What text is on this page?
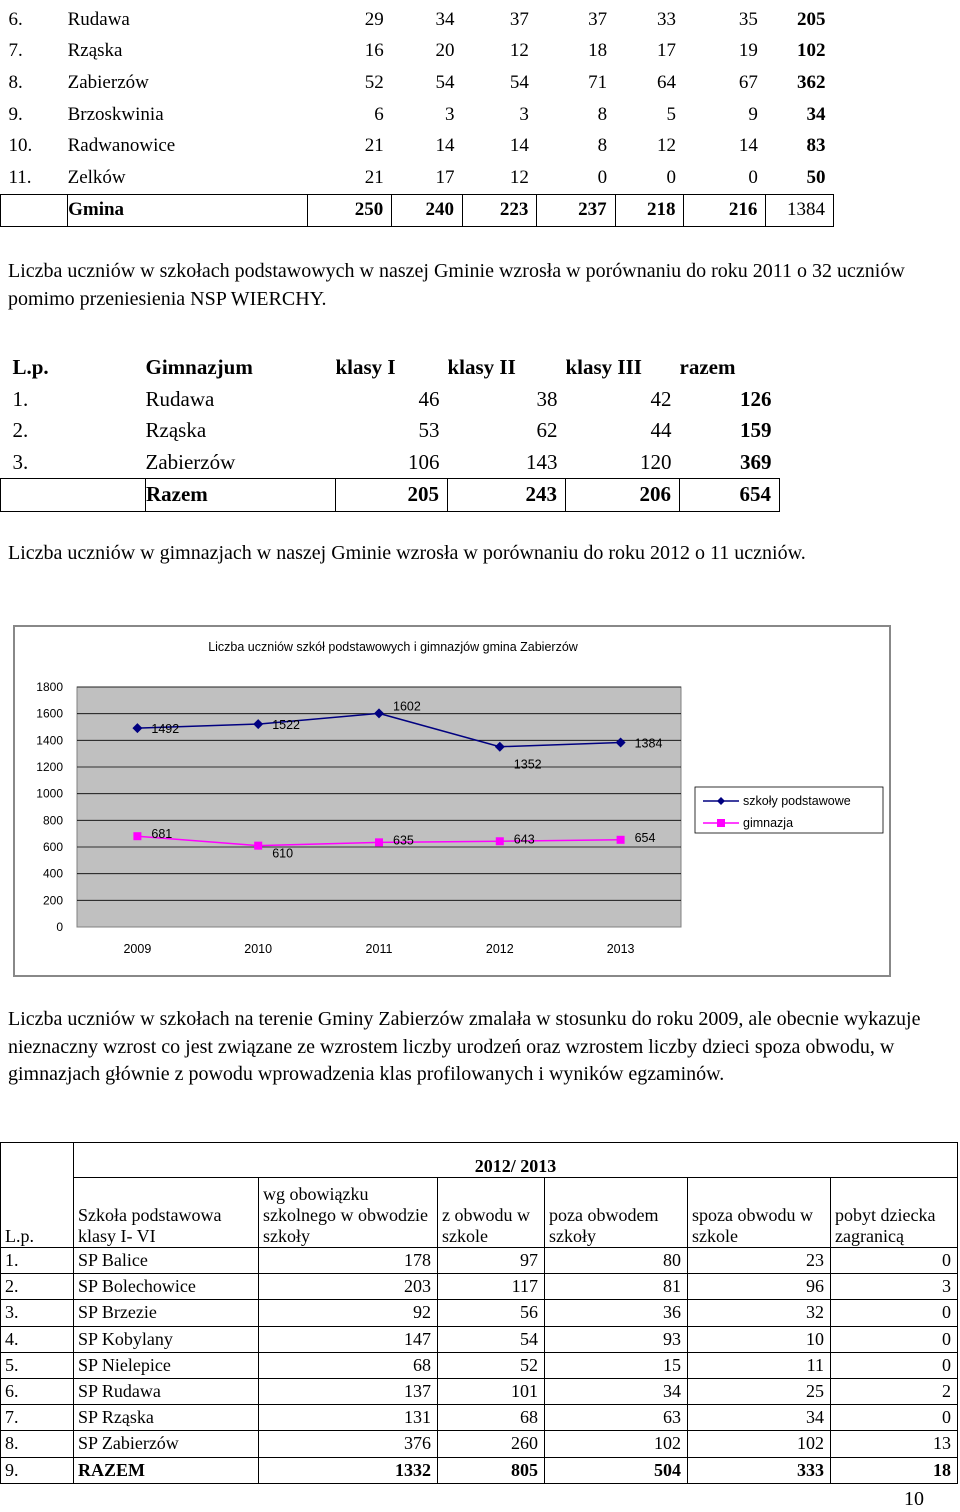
6.	Rudawa	29	34	37	37	33	35	205
7.	Rząska	16	20	12	18	17	19	102
8.	Zabierzów	52	54	54	71	64	67	362
9.	Brzoskwinia	6	3	3	8	5	9	34
10.	Radwanowice	21	14	14	8	12	14	83
11.	Zelków	21	17	12	0	0	0	50
	Gmina	250	240	223	237	218	216	1384
Liczba uczniów w szkołach podstawowych w naszej Gminie wzrosła w porównaniu do roku 2011 o 32 uczniów pomimo przeniesienia NSP WIERCHY.
L.p.	Gimnazjum	klasy I	klasy II	klasy III	razem
1.	Rudawa	46	38	42	126
2.	Rząska	53	62	44	159
3.	Zabierzów	106	143	120	369
	Razem	205	243	206	654
Liczba uczniów w gimnazjach w naszej Gminie wzrosła w porównaniu do roku 2012 o 11 uczniów.
Liczba uczniów szkół podstawowych i gimnazjów gmina Zabierzów
0
200
400
600
800
1000
1200
1400
1600
1800
2009	2010	2011	2012	2013
1492	1522
1602
1352
1384
681
610
635	643	654
szkoły podstawowe
gimnazja
Liczba uczniów w szkołach na terenie Gminy Zabierzów zmalała w stosunku do roku 2009, ale obecnie wykazuje nieznaczny wzrost co jest związane ze wzrostem liczby urodzeń oraz wzrostem liczby dzieci spoza obwodu, w gimnazjach głównie z powodu wprowadzenia klas profilowanych i wyników egzaminów.
L.p.	2012/ 2013					
	Szkoła podstawowa klasy I- VI	wg obowiązku szkolnego w obwodzie szkoły	z obwodu w szkole	poza obwodem szkoły	spoza obwodu w szkole	pobyt dziecka zagranicą
1.	SP Balice	178	97	80	23	0
2.	SP Bolechowice	203	117	81	96	3
3.	SP Brzezie	92	56	36	32	0
4.	SP Kobylany	147	54	93	10	0
5.	SP Nielepice	68	52	15	11	0
6.	SP Rudawa	137	101	34	25	2
7.	SP Rząska	131	68	63	34	0
8.	SP Zabierzów	376	260	102	102	13
9.	RAZEM	1332	805	504	333	18
10
